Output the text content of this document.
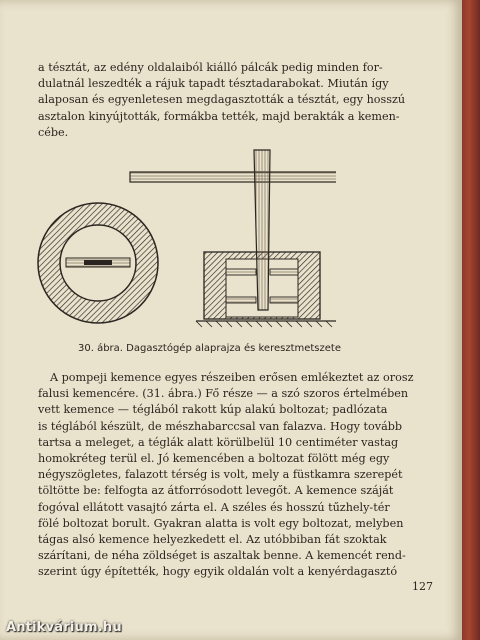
a tésztát, az edény oldalaiból kiálló pálcák pedig minden for-
dulatnál leszedték a rájuk tapadt tésztadarabokat. Miután így
alaposan és egyenletesen megdagasztották a tésztát, egy hosszú
asztalon kinyújtották, formákba tették, majd berakták a kemen-
cébe.
30. ábra. Dagasztógép alaprajza és keresztmetszete
A pompeji kemence egyes részeiben erősen emlékeztet az orosz
falusi kemencére. (31. ábra.) Fő része — a szó szoros értelmében
vett kemence — téglából rakott kúp alakú boltozat; padlózata
is téglából készült, de mészhabarccsal van falazva. Hogy tovább
tartsa a meleget, a téglák alatt körülbelül 10 centiméter vastag
homokréteg terül el. Jó kemencében a boltozat fölött még egy
négyszögletes, falazott térség is volt, mely a füstkamra szerepét
töltötte be: felfogta az átforrósodott levegőt. A kemence száját
fogóval ellátott vasajtó zárta el. A széles és hosszú tűzhely-tér
fölé boltozat borult. Gyakran alatta is volt egy boltozat, melyben
tágas alsó kemence helyezkedett el. Az utóbbiban fát szoktak
szárítani, de néha zöldséget is aszaltak benne. A kemencét rend-
szerint úgy építették, hogy egyik oldalán volt a kenyérdagasztó
127
Antikvárium.hu
